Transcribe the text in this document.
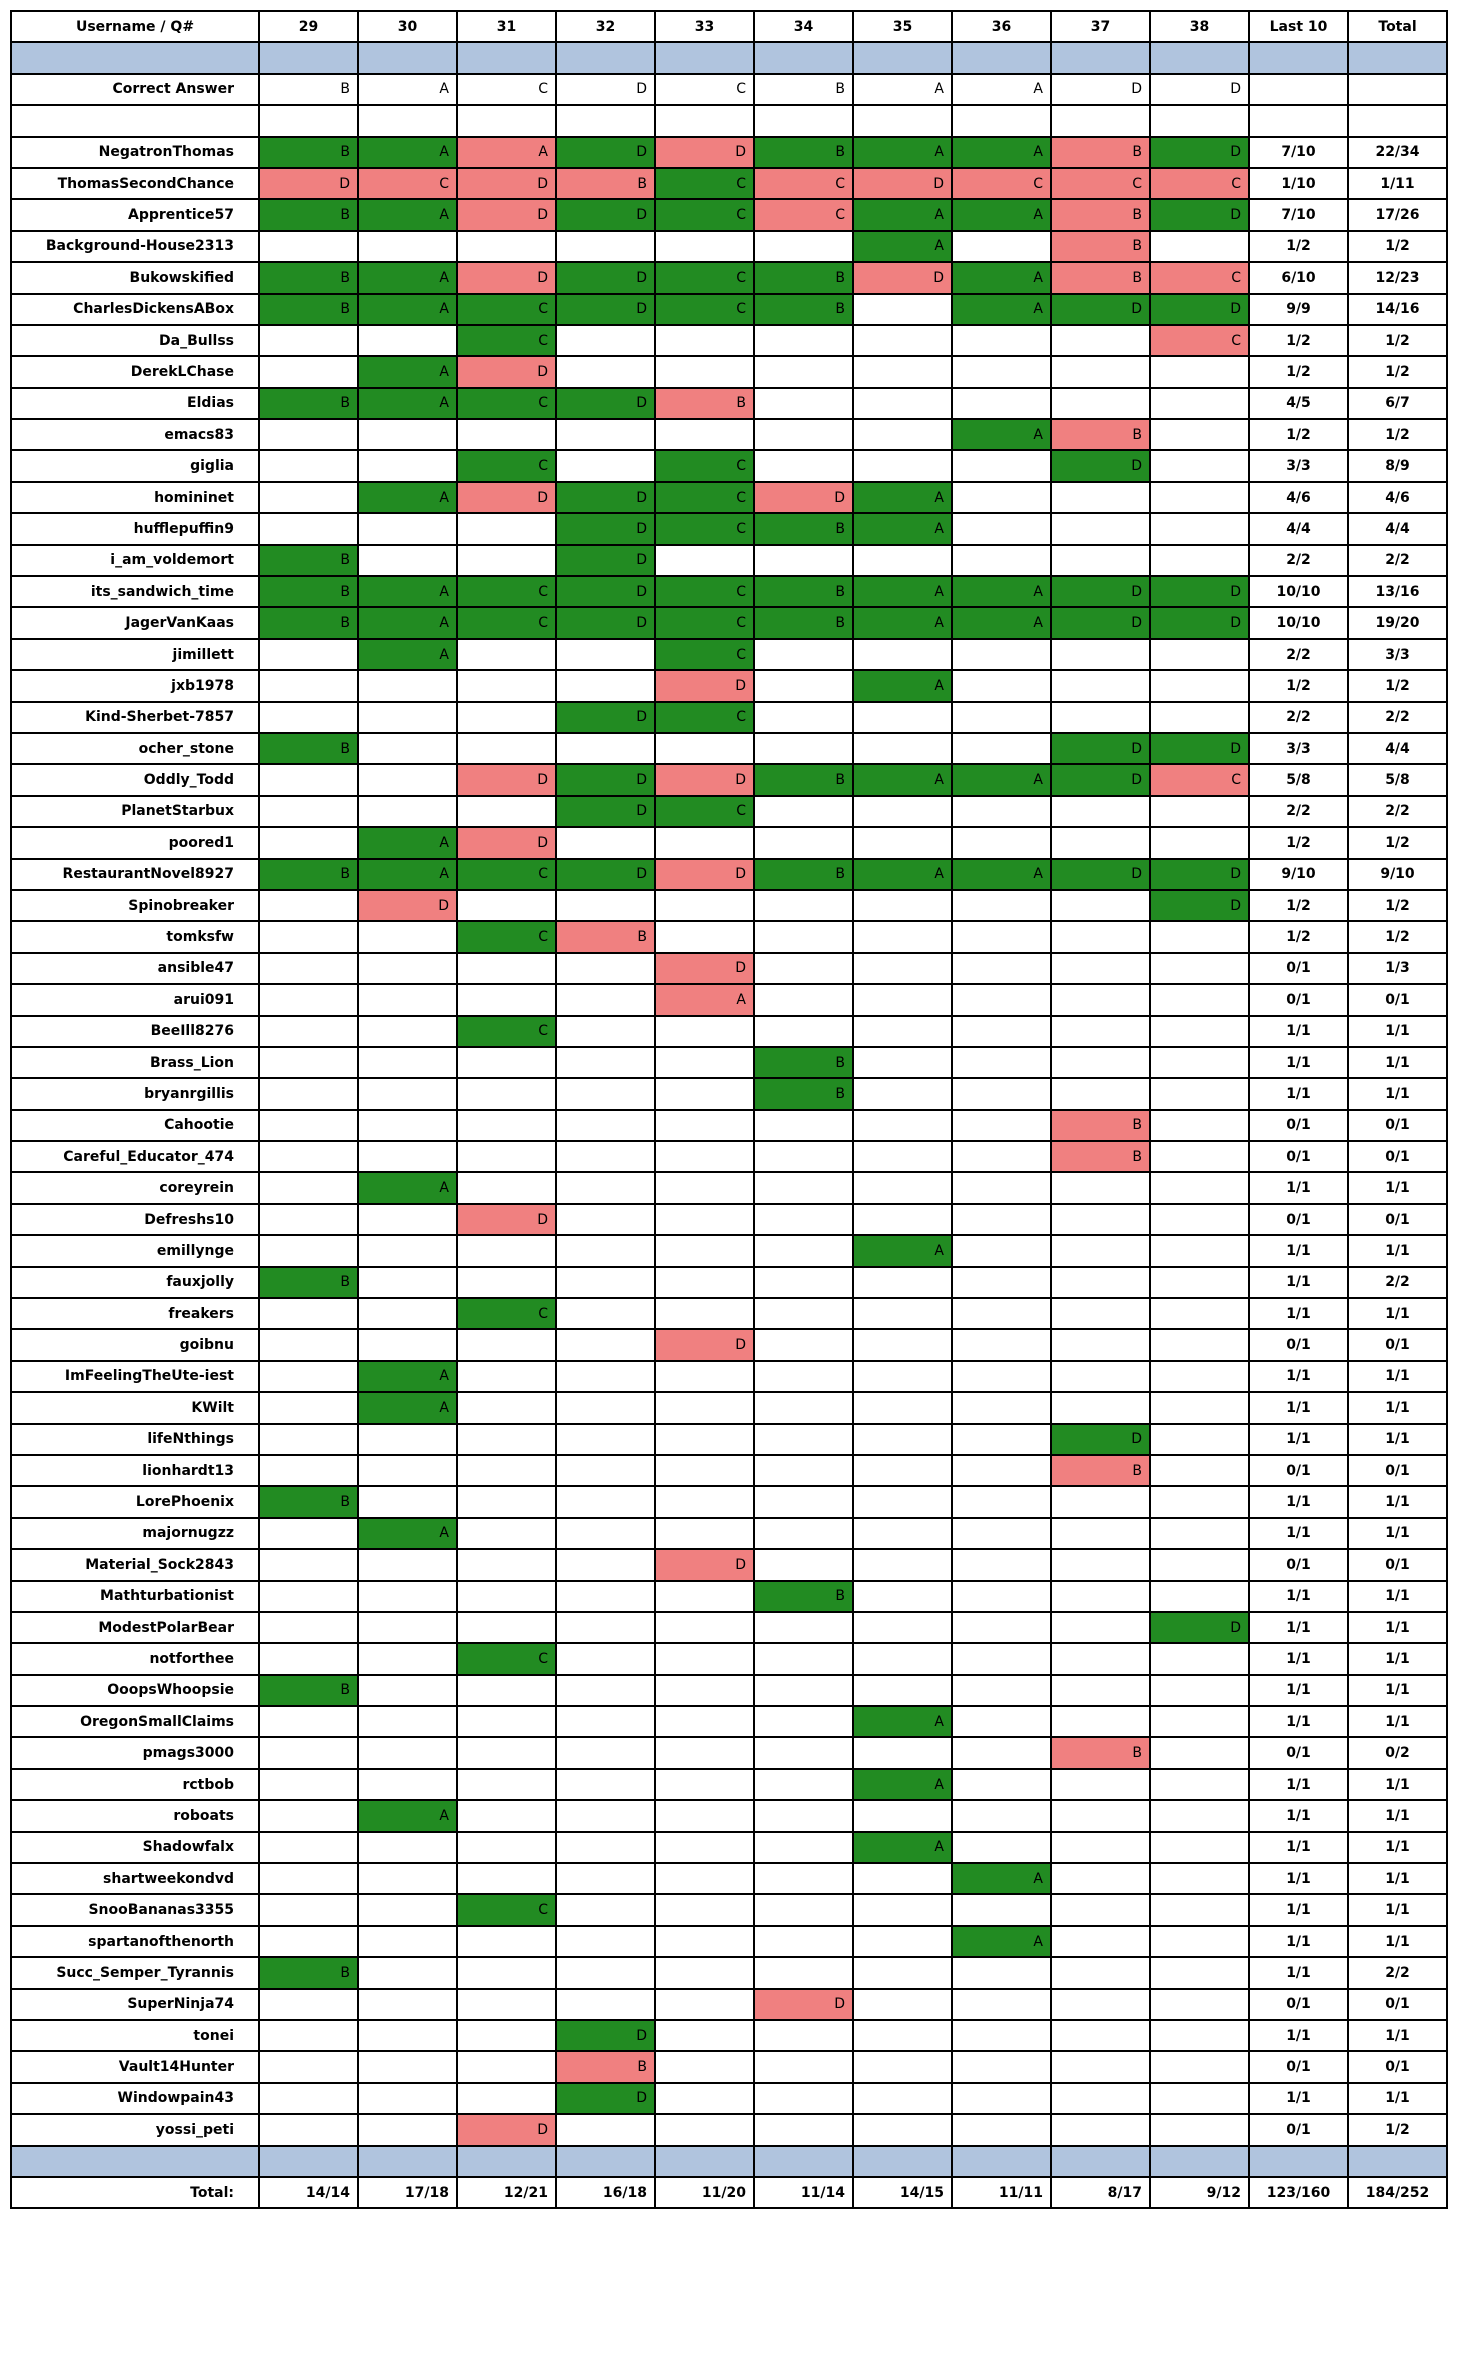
Username / Q#	29	30	31	32	33	34	35	36	37	38	Last 10	Total

Correct Answer	B	A	C	D	C	B	A	A	D	D		

NegatronThomas	B	A	A	D	D	B	A	A	B	D	7/10	22/34
ThomasSecondChance	D	C	D	B	C	C	D	C	C	C	1/10	1/11
Apprentice57	B	A	D	D	C	C	A	A	B	D	7/10	17/26
Background-House2313							A		B		1/2	1/2
Bukowskified	B	A	D	D	C	B	D	A	B	C	6/10	12/23
CharlesDickensABox	B	A	C	D	C	B		A	D	D	9/9	14/16
Da_Bullss			C							C	1/2	1/2
DerekLChase		A	D								1/2	1/2
Eldias	B	A	C	D	B						4/5	6/7
emacs83								A	B		1/2	1/2
giglia			C		C				D		3/3	8/9
homininet		A	D	D	C	D	A				4/6	4/6
hufflepuffin9				D	C	B	A				4/4	4/4
i_am_voldemort	B			D							2/2	2/2
its_sandwich_time	B	A	C	D	C	B	A	A	D	D	10/10	13/16
JagerVanKaas	B	A	C	D	C	B	A	A	D	D	10/10	19/20
jimillett		A			C						2/2	3/3
jxb1978					D		A				1/2	1/2
Kind-Sherbet-7857				D	C						2/2	2/2
ocher_stone	B								D	D	3/3	4/4
Oddly_Todd			D	D	D	B	A	A	D	C	5/8	5/8
PlanetStarbux				D	C						2/2	2/2
poored1		A	D								1/2	1/2
RestaurantNovel8927	B	A	C	D	D	B	A	A	D	D	9/10	9/10
Spinobreaker		D								D	1/2	1/2
tomksfw			C	B							1/2	1/2
ansible47					D						0/1	1/3
arui091					A						0/1	0/1
BeeIll8276			C								1/1	1/1
Brass_Lion						B					1/1	1/1
bryanrgillis						B					1/1	1/1
Cahootie									B		0/1	0/1
Careful_Educator_474									B		0/1	0/1
coreyrein		A									1/1	1/1
Defreshs10			D								0/1	0/1
emillynge							A				1/1	1/1
fauxjolly	B										1/1	2/2
freakers			C								1/1	1/1
goibnu					D						0/1	0/1
ImFeelingTheUte-iest		A									1/1	1/1
KWilt		A									1/1	1/1
lifeNthings									D		1/1	1/1
lionhardt13									B		0/1	0/1
LorePhoenix	B										1/1	1/1
majornugzz		A									1/1	1/1
Material_Sock2843					D						0/1	0/1
Mathturbationist						B					1/1	1/1
ModestPolarBear										D	1/1	1/1
notforthee			C								1/1	1/1
OoopsWhoopsie	B										1/1	1/1
OregonSmallClaims							A				1/1	1/1
pmags3000									B		0/1	0/2
rctbob							A				1/1	1/1
roboats		A									1/1	1/1
Shadowfalx							A				1/1	1/1
shartweekondvd								A			1/1	1/1
SnooBananas3355			C								1/1	1/1
spartanofthenorth								A			1/1	1/1
Succ_Semper_Tyrannis	B										1/1	2/2
SuperNinja74						D					0/1	0/1
tonei				D							1/1	1/1
Vault14Hunter				B							0/1	0/1
Windowpain43				D							1/1	1/1
yossi_peti			D								0/1	1/2

Total:	14/14	17/18	12/21	16/18	11/20	11/14	14/15	11/11	8/17	9/12	123/160	184/252
